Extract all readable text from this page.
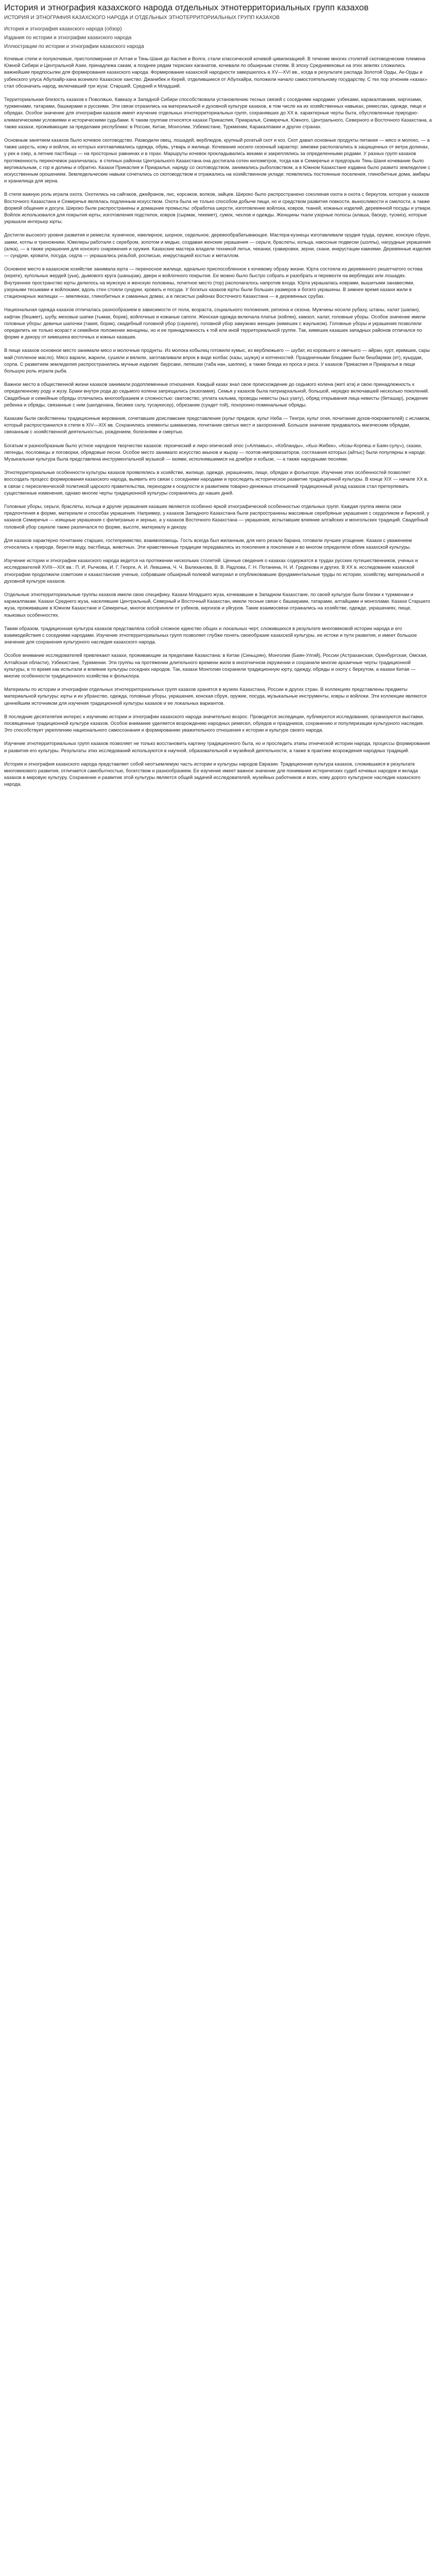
История и этнография казахского народа отдельных этнотерриториальных групп казахов
ИСТОРИЯ И ЭТНОГРАФИЯ КАЗАХСКОГО НАРОДА И ОТДЕЛЬНЫХ ЭТНОТЕРРИТОРИАЛЬНЫХ ГРУПП КАЗАХОВ
История и этнография казахского народа (обзор)
Издания по истории и этнографии казахского народа
Иллюстрации по истории и этнографии казахского народа

Кочевые степи и полукочевые, престоломерная от Алтая и Тянь-Шаня до Каспия и Волги, стали классической кочевой цивилизацией. В течение многих столетий скотоводческие племена Южной Сибири и Центральной Азии, принадлежа сакам, а позднее рядам тюркских каганатов, кочевали по обширным степям. В эпоху Средневековья на этих землях сложились важнейшие предпосылки для формирования казахского народа. Формирование казахской народности завершилось в XV—XVI вв., когда в результате распада Золотой Орды, Ак-Орды и узбекского улуса Абулхайр-хана возникло Казахское ханство. Джанибек и Керей, отделившиеся от Абулхайра, положили начало самостоятельному государству. С тех пор этноним «казах» стал обозначать народ, включавший три жуза: Старший, Средний и Младший.

Территориальная близость казахов к Поволжью, Кавказу и Западной Сибири способствовала установлению тесных связей с соседними народами: узбеками, каракалпаками, киргизами, туркменами, татарами, башкирами и русскими. Эти связи отразились на материальной и духовной культуре казахов, в том числе на их хозяйственных навыках, ремеслах, одежде, пище и обрядах. Особое значение для этнографии казахов имеет изучение отдельных этнотерриториальных групп, сохранявших до XX в. характерные черты быта, обусловленные природно-климатическими условиями и историческими судьбами. К таким группам относятся казахи Прикаспия, Приаралья, Семиречья, Южного, Центрального, Северного и Восточного Казахстана, а также казахи, проживающие за пределами республики: в России, Китае, Монголии, Узбекистане, Туркмении, Каракалпакии и других странах.

Основным занятием казахов было кочевое скотоводство. Разводили овец, лошадей, верблюдов, крупный рогатый скот и коз. Скот давал основные продукты питания — мясо и молоко, — а также шерсть, кожу и войлок, из которых изготавливались одежда, обувь, утварь и жилище. Кочевание носило сезонный характер: зимовки располагались в защищенных от ветра долинах, у рек и озер, а летние пастбища — на просторных равнинах и в горах. Маршруты кочевок прокладывались веками и закреплялись за определенными родами. У разных групп казахов протяженность перекочевок различалась: в степных районах Центрального Казахстана она достигала сотен километров, тогда как в Семиречье и предгорьях Тянь-Шаня кочевание было вертикальным, с гор в долины и обратно. Казахи Прикаспия и Приаралья, наряду со скотоводством, занимались рыболовством, а в Южном Казахстане издавна было развито земледелие с искусственным орошением. Земледельческие навыки сочетались со скотоводством и отражались на хозяйственном укладе: появлялись постоянные поселения, глинобитные дома, амбары и хранилища для зерна.

В степи важную роль играла охота. Охотились на сайгаков, джейранов, лис, корсаков, волков, зайцев. Широко было распространено соколиная охота и охота с беркутом, которая у казахов Восточного Казахстана и Семиречья являлась подлинным искусством. Охота была не только способом добычи пищи, но и средством развития ловкости, выносливости и смелости, а также формой общения и досуга. Широко были распространены и домашние промыслы: обработка шерсти, изготовление войлока, ковров, тканей, кожаных изделий, деревянной посуды и утвари. Войлок использовался для покрытия юрты, изготовления подстилок, ковров (сырмак, текемет), сумок, чехлов и одежды. Женщины ткали узорные полосы (алаша, баскур, тускиіз), которые украшали интерьер юрты.

Достигли высокого уровня развития и ремесла: кузнечное, ювелирное, шорное, седельное, деревообрабатывающее. Мастера-кузнецы изготавливали орудия труда, оружие, конскую сбрую, замки, котлы и треножники. Ювелиры работали с серебром, золотом и медью, создавая женские украшения — серьги, браслеты, кольца, накосные подвески (шолпы), нагрудные украшения (алка), — а также украшения для конского снаряжения и оружия. Казахские мастера владели техникой литья, чеканки, гравировки, зерни, скани, инкрустации камнями. Деревянные изделия — сундуки, кровати, посуда, седла — украшались резьбой, росписью, инкрустацией костью и металлом.

Основное место в казахском хозяйстве занимала юрта — переносное жилище, идеально приспособленное к кочевому образу жизни. Юрта состояла из деревянного решетчатого остова (кереге), купольных жердей (уык), дымового круга (шанырак), двери и войлочного покрытия. Ее можно было быстро собрать и разобрать и перевезти на верблюдах или лошадях. Внутреннее пространство юрты делилось на мужскую и женскую половины, почетное место (тор) располагалось напротив входа. Юрта украшалась коврами, вышитыми занавесями, узорными тесьмами и войлоками; вдоль стен стояли сундуки, кровать и посуда. У богатых казахов юрты были больших размеров и богато украшены. В зимнее время казахи жили в стационарных жилищах — землянках, глинобитных и саманных домах, а в лесистых районах Восточного Казахстана — в деревянных срубах.

Национальная одежда казахов отличалась разнообразием в зависимости от пола, возраста, социального положения, региона и сезона. Мужчины носили рубаху, штаны, халат (шапан), кафтан (бешмет), шубу, меховые шапки (тымак, борик), войлочные и кожаные сапоги. Женская одежда включала платье (койлек), камзол, халат, головные уборы. Особое значение имели головные уборы: девичьи шапочки (такия, борик), свадебный головной убор (саукеле), головной убор замужних женщин (кимешек с жаулыком). Головные уборы и украшения позволяли определить не только возраст и семейное положение женщины, но и ее принадлежность к той или иной территориальной группе. Так, кимешек казашек западных районов отличался по форме и декору от кимешека восточных и южных казашек.

В пище казахов основное место занимали мясо и молочные продукты. Из молока кобылиц готовили кумыс, из верблюжьего — шубат, из коровьего и овечьего — айран, курт, иримшик, сары май (топленое масло). Мясо варили, жарили, сушили и вялили, заготавливали впрок в виде колбас (казы, шужук) и копченостей. Праздничными блюдами были бешбармак (ет), куырдак, сорпа. С развитием земледелия распространились мучные изделия: баурсаки, лепешки (таба нан, шелпек), а также блюда из проса и риса. У казахов Прикаспия и Приаралья в пище большую роль играла рыба.

Важное место в общественной жизни казахов занимали родоплеменные отношения. Каждый казах знал свое происхождение до седьмого колена (жеті ата) и свою принадлежность к определенному роду и жузу. Браки внутри рода до седьмого колена запрещались (экзогамия). Семья у казахов была патриархальной, большой, нередко включавшей несколько поколений. Свадебные и семейные обряды отличались многообразием и сложностью: сватовство, уплата калыма, проводы невесты (кыз узату), обряд открывания лица невесты (беташар), рождение ребенка и обряды, связанные с ним (шилдехана, бесикке салу, тусаукесер), обрезание (сундет той), похоронно-поминальные обряды.

Казахам были свойственны традиционные верования, сочетавшие доисламские представления (культ предков, культ Неба — Тенгри, культ огня, почитание духов-покровителей) с исламом, который распространился в степи в XIV—XIX вв. Сохранялись элементы шаманизма, почитание святых мест и захоронений. Большое значение придавалось магическим обрядам, связанным с хозяйственной деятельностью, рождением, болезнями и смертью.

Богатым и разнообразным было устное народное творчество казахов: героический и лиро-эпический эпос («Алпамыс», «Кобланды», «Кыз-Жибек», «Козы-Корпеш и Баян-сулу»), сказки, легенды, пословицы и поговорки, обрядовые песни. Особое место занимало искусство акынов и жырау — поэтов-импровизаторов, состязания которых (айтыс) были популярны в народе. Музыкальная культура была представлена инструментальной музыкой — кюями, исполнявшимися на домбре и кобызе, — а также народными песнями.

Этнотерриториальные особенности культуры казахов проявлялись в хозяйстве, жилище, одежде, украшениях, пище, обрядах и фольклоре. Изучение этих особенностей позволяет воссоздать процесс формирования казахского народа, выявить его связи с соседними народами и проследить историческое развитие традиционной культуры. В конце XIX — начале XX в. в связи с переселенческой политикой царского правительства, переходом к оседлости и развитием товарно-денежных отношений традиционный уклад казахов стал претерпевать существенные изменения, однако многие черты традиционной культуры сохранились до наших дней.

Головные уборы, серьги, браслеты, кольца и другие украшения казашек являются особенно яркой этнографической особенностью отдельных групп. Каждая группа имела свои предпочтения в форме, материале и способах украшения. Например, у казахов Западного Казахстана были распространены массивные серебряные украшения с сердоликом и бирюзой, у казахов Семиречья — изящные украшения с филигранью и зернью, а у казахов Восточного Казахстана — украшения, испытавшие влияние алтайских и монгольских традиций. Свадебный головной убор саукеле также различался по форме, высоте, материалу и декору.

Для казахов характерно почитание старших, гостеприимство, взаимопомощь. Гость всегда был желанным, для него резали барана, готовили лучшее угощение. Казахи с уважением относились к природе, берегли воду, пастбища, животных. Эти нравственные традиции передавались из поколения в поколение и во многом определяли облик казахской культуры.

Изучение истории и этнографии казахского народа ведется на протяжении нескольких столетий. Ценные сведения о казахах содержатся в трудах русских путешественников, ученых и исследователей XVIII—XIX вв.: П. И. Рычкова, И. Г. Георги, А. И. Левшина, Ч. Ч. Валиханова, В. В. Радлова, Г. Н. Потанина, Н. И. Гродекова и других. В XX в. исследование казахской этнографии продолжили советские и казахстанские ученые, собравшие обширный полевой материал и опубликовавшие фундаментальные труды по истории, хозяйству, материальной и духовной культуре казахов.

Отдельные этнотерриториальные группы казахов имели свою специфику. Казахи Младшего жуза, кочевавшие в Западном Казахстане, по своей культуре были близки к туркменам и каракалпакам. Казахи Среднего жуза, населявшие Центральный, Северный и Восточный Казахстан, имели тесные связи с башкирами, татарами, алтайцами и монголами. Казахи Старшего жуза, проживавшие в Южном Казахстане и Семиречье, многое восприняли от узбеков, киргизов и уйгуров. Такие взаимосвязи отражались на хозяйстве, одежде, украшениях, пище, языковых особенностях.

Таким образом, традиционная культура казахов представляла собой сложное единство общих и локальных черт, сложившихся в результате многовековой истории народа и его взаимодействия с соседними народами. Изучение этнотерриториальных групп позволяет глубже понять своеобразие казахской культуры, ее истоки и пути развития, и имеет большое значение для сохранения культурного наследия казахского народа.

Особое внимание исследователей привлекают казахи, проживающие за пределами Казахстана: в Китае (Синьцзян), Монголии (Баян-Улгий), России (Астраханская, Оренбургская, Омская, Алтайская области), Узбекистане, Туркмении. Эти группы на протяжении длительного времени жили в иноэтничном окружении и сохранили многие архаичные черты традиционной культуры, в то время как испытали и влияние культуры соседних народов. Так, казахи Монголии сохранили традиционную юрту, одежду, обряды и охоту с беркутом, а казахи Китая — многие особенности традиционного хозяйства и фольклора.

Материалы по истории и этнографии отдельных этнотерриториальных групп казахов хранятся в музеях Казахстана, России и других стран. В коллекциях представлены предметы материальной культуры: юрты и их убранство, одежда, головные уборы, украшения, конская сбруя, оружие, посуда, музыкальные инструменты, ковры и войлоки. Эти коллекции являются ценнейшим источником для изучения традиционной культуры казахов и ее локальных вариантов.

В последние десятилетия интерес к изучению истории и этнографии казахского народа значительно возрос. Проводятся экспедиции, публикуются исследования, организуются выставки, посвященные традиционной культуре казахов. Особое внимание уделяется возрождению народных ремесел, обрядов и праздников, сохранению и популяризации культурного наследия. Это способствует укреплению национального самосознания и формированию уважительного отношения к истории и культуре своего народа.

Изучение этнотерриториальных групп казахов позволяет не только восстановить картину традиционного быта, но и проследить этапы этнической истории народа, процессы формирования и развития его культуры. Результаты этих исследований используются в научной, образовательной и музейной деятельности, а также в практике возрождения народных традиций.

История и этнография казахского народа представляет собой неотъемлемую часть истории и культуры народов Евразии. Традиционная культура казахов, сложившаяся в результате многовекового развития, отличается самобытностью, богатством и разнообразием. Ее изучение имеет важное значение для понимания исторических судеб кочевых народов и вклада казахов в мировую культуру. Сохранение и развитие этой культуры является общей задачей исследователей, музейных работников и всех, кому дорого культурное наследие казахского народа.
